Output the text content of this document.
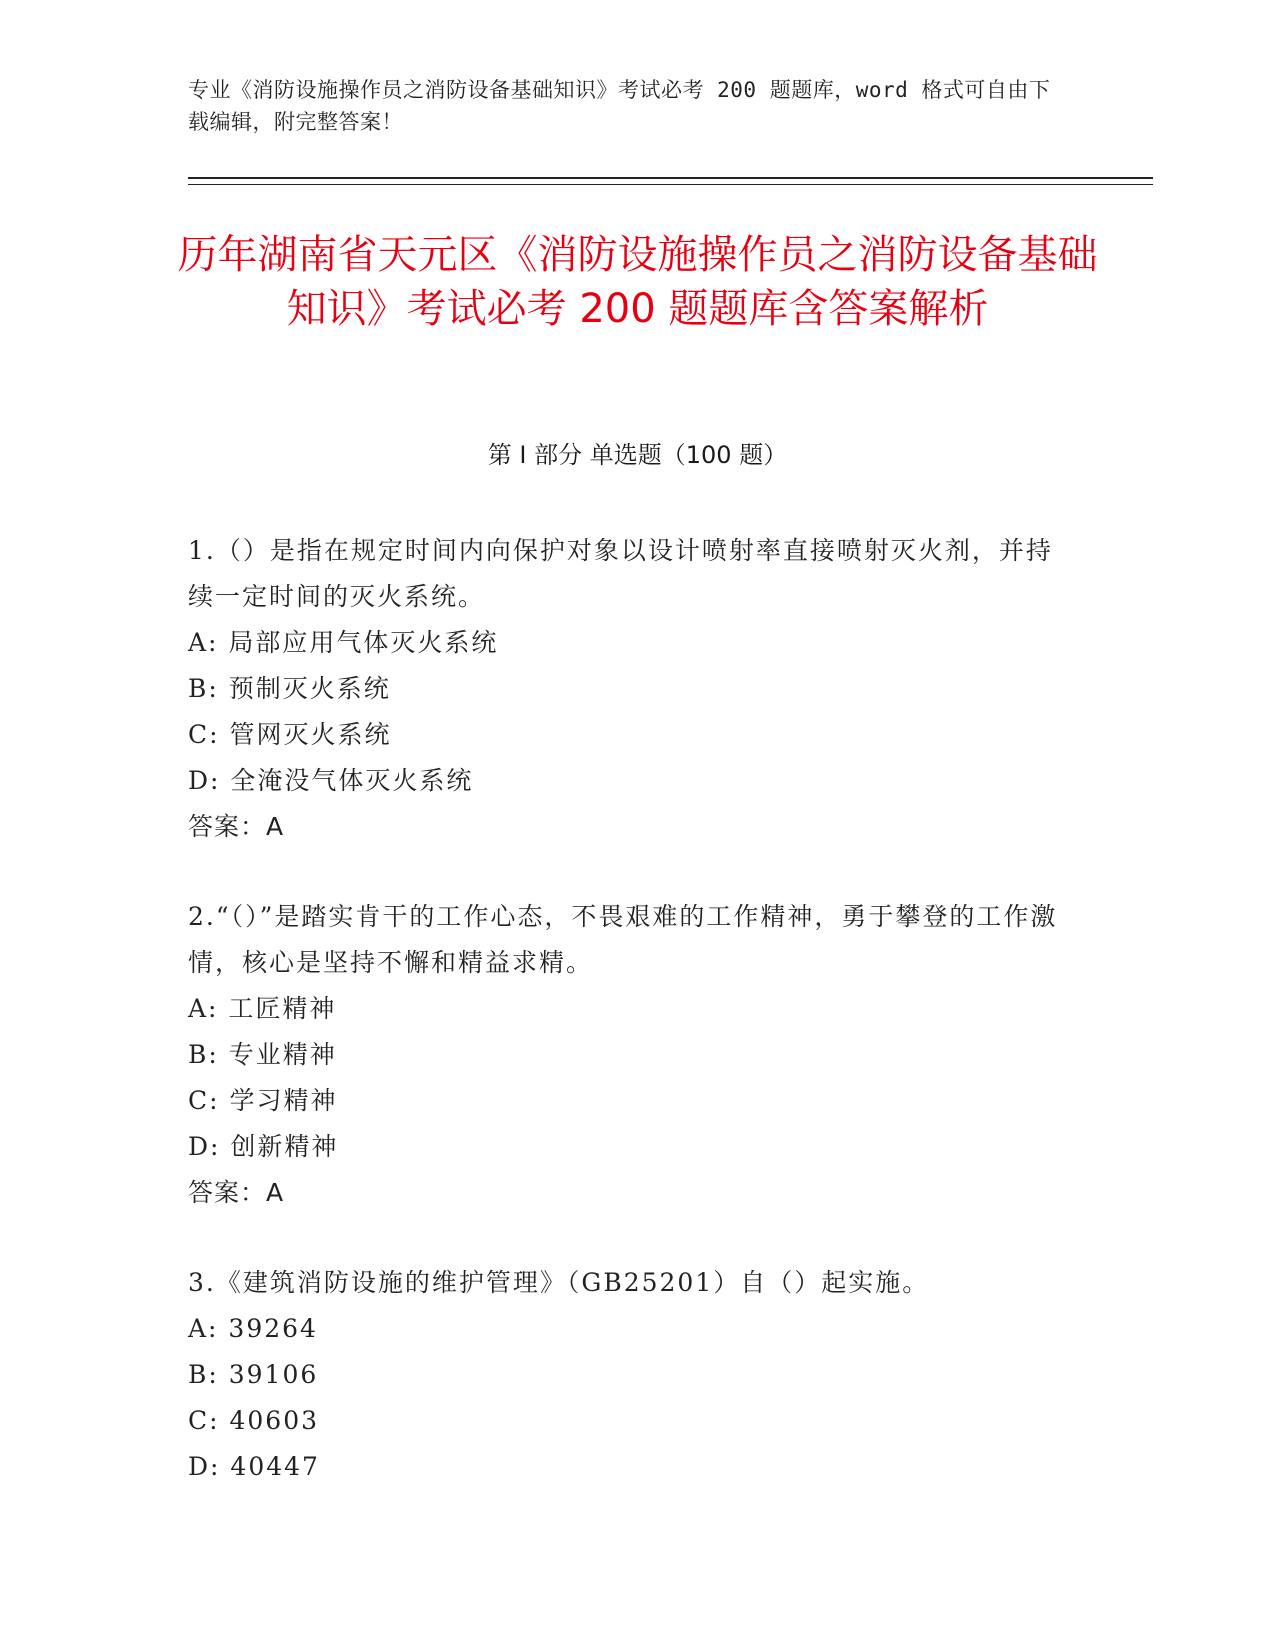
专业《消防设施操作员之消防设备基础知识》考试必考 200 题题库，word 格式可自由下载编辑，附完整答案！
历年湖南省天元区《消防设施操作员之消防设备基础知识》考试必考 200 题题库含答案解析
第 I 部分 单选题（100 题）
1.（）是指在规定时间内向保护对象以设计喷射率直接喷射灭火剂，并持续一定时间的灭火系统。
A: 局部应用气体灭火系统
B: 预制灭火系统
C: 管网灭火系统
D: 全淹没气体灭火系统
答案：A
2.“（）”是踏实肯干的工作心态，不畏艰难的工作精神，勇于攀登的工作激情，核心是坚持不懈和精益求精。
A: 工匠精神
B: 专业精神
C: 学习精神
D: 创新精神
答案：A
3.《建筑消防设施的维护管理》（GB25201）自（）起实施。
A: 39264
B: 39106
C: 40603
D: 40447
